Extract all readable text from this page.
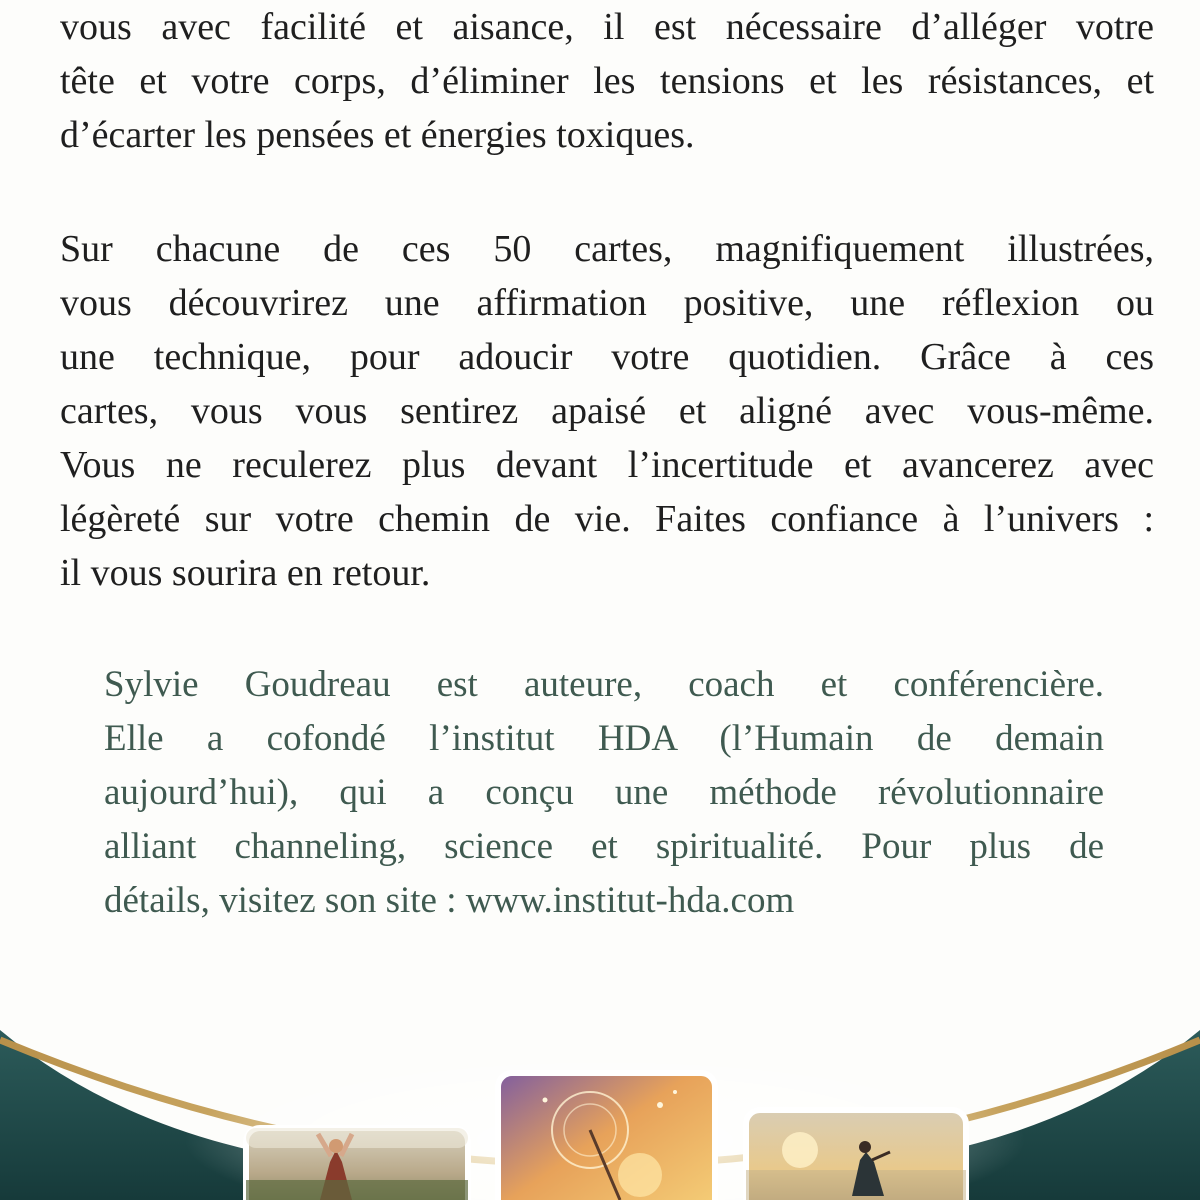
vous avec facilité et aisance, il est nécessaire d’alléger votre
tête et votre corps, d’éliminer les tensions et les résistances, et
d’écarter les pensées et énergies toxiques.
Sur chacune de ces 50 cartes, magnifiquement illustrées,
vous découvrirez une affirmation positive, une réflexion ou
une technique, pour adoucir votre quotidien. Grâce à ces
cartes, vous vous sentirez apaisé et aligné avec vous-même.
Vous ne reculerez plus devant l’incertitude et avancerez avec
légèreté sur votre chemin de vie. Faites confiance à l’univers :
il vous sourira en retour.
Sylvie Goudreau est auteure, coach et conférencière.
Elle a cofondé l’institut HDA (l’Humain de demain
aujourd’hui), qui a conçu une méthode révolutionnaire
alliant channeling, science et spiritualité. Pour plus de
détails, visitez son site : www.institut-hda.com
